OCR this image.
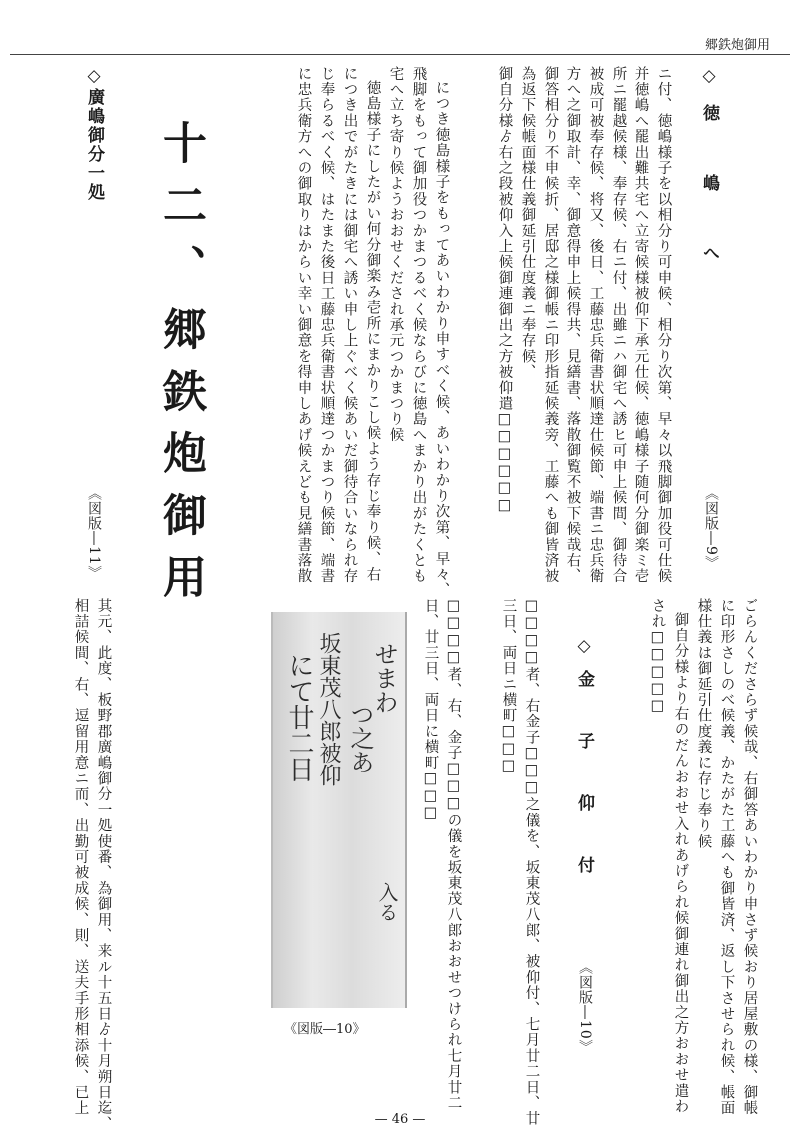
郷鉄炮御用
◇徳　嶋　へ
《図版―9》
ニ付、徳嶋様子を以相分り可申候、相分り次第、早々以飛脚御加役可仕候
并徳嶋へ罷出難共宅へ立寄候様被仰下承元仕候、徳嶋様子随何分御楽ミ壱
所ニ罷越候様、奉存候、右ニ付、出雖ニハ御宅へ誘ヒ可申上候間、御待合
被成可被奉存候、将又、後日、工藤忠兵衛書状順達仕候節、端書ニ忠兵衛
方へ之御取計、幸、御意得申上候得共、見繕書、落散御覧不被下候哉右、
御答相分り不申候折、居邸之様御帳ニ印形指延候義旁、工藤へも御皆済被
為返下候帳面様仕義御延引仕度義ニ奉存候、
御自分様ゟ右之段被仰入上候御連御出之方被仰遣□□□□□□
につき徳島様子をもってあいわかり申すべく候、あいわかり次第、早々、
飛脚をもって御加役つかまつるべく候ならびに徳島へまかり出がたくとも
宅へ立ち寄り候ようおおせくだされ承元つかまつり候
徳島様子にしたがい何分御楽み壱所にまかりこし候よう存じ奉り候、右
につき出でがたきには御宅へ誘い申し上ぐべく候あいだ御待合いなられ存
じ奉らるべく候、はたまた後日工藤忠兵衛書状順達つかまつり候節、端書
に忠兵衛方への御取りはからい幸い御意を得申しあげ候えども見繕書落散
十二、郷鉄炮御用
◇廣嶋御分一処
《図版―11》
ごらんくださらず候哉、右御答あいわかり申さず候おり居屋敷の様、御帳
に印形さしのべ候義、かたがた工藤へも御皆済、返し下させられ候、帳面
様仕義は御延引仕度義に存じ奉り候
御自分様より右のだんおおせ入れあげられ候御連れ御出之方おおせ遣わ
され□□□□□
◇金　子　仰　付
《図版―10》
□□□□者、右金子□□□之儀を、坂東茂八郎、被仰付、七月廿二日、廿
三日、両日ニ横町□□□
□□□□者、右、金子□□□の儀を坂東茂八郎おおせつけられ七月廿二
日、廿三日、両日に横町□□□
せまわ
つ之あ
坂東茂八郎被仰
にて廿二日
入る
《図版―10》
其元、此度、板野郡廣嶋御分一処使番、為御用、来ル十五日ゟ十月朔日迄、
相詰候間、右、逗留用意ニ而、出勤可被成候、則、送夫手形相添候、已上
— 46 —
